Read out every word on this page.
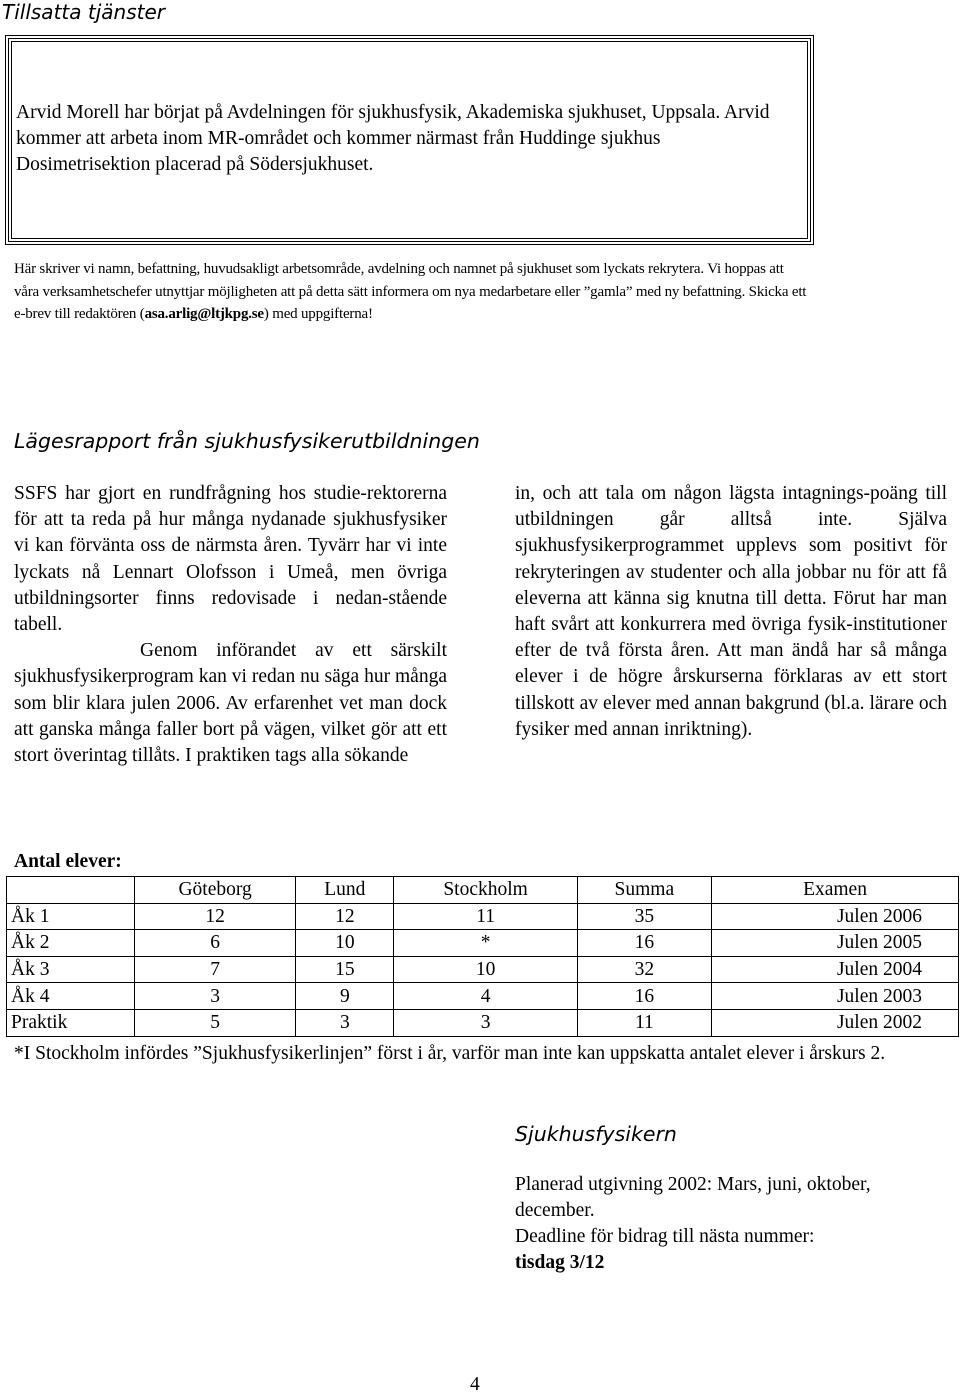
Tillsatta tjänster
Arvid Morell har börjat på Avdelningen för sjukhusfysik, Akademiska sjukhuset, Uppsala. Arvid kommer att arbeta inom MR-området och kommer närmast från Huddinge sjukhus Dosimetrisektion placerad på Södersjukhuset.
Här skriver vi namn, befattning, huvudsakligt arbetsområde, avdelning och namnet på sjukhuset som lyckats rekrytera. Vi hoppas att våra verksamhetschefer utnyttjar möjligheten att på detta sätt informera om nya medarbetare eller ”gamla” med ny befattning. Skicka ett e-brev till redaktören (asa.arlig@ltjkpg.se) med uppgifterna!
Lägesrapport från sjukhusfysikerutbildningen
SSFS har gjort en rundfrågning hos studie-rektorerna för att ta reda på hur många nydanade sjukhusfysiker vi kan förvänta oss de närmsta åren. Tyvärr har vi inte lyckats nå Lennart Olofsson i Umeå, men övriga utbildningsorter finns redovisade i nedan-stående tabell.
Genom införandet av ett särskilt sjukhusfysikerprogram kan vi redan nu säga hur många som blir klara julen 2006. Av erfarenhet vet man dock att ganska många faller bort på vägen, vilket gör att ett stort överintag tillåts. I praktiken tags alla sökande
in, och att tala om någon lägsta intagnings-poäng till utbildningen går alltså inte. Själva sjukhusfysikerprogrammet upplevs som positivt för rekryteringen av studenter och alla jobbar nu för att få eleverna att känna sig knutna till detta. Förut har man haft svårt att konkurrera med övriga fysik-institutioner efter de två första åren. Att man ändå har så många elever i de högre årskurserna förklaras av ett stort tillskott av elever med annan bakgrund (bl.a. lärare och fysiker med annan inriktning).
Antal elever:
	Göteborg	Lund	Stockholm	Summa	Examen
Åk 1	12	12	11	35	Julen 2006
Åk 2	6	10	*	16	Julen 2005
Åk 3	7	15	10	32	Julen 2004
Åk 4	3	9	4	16	Julen 2003
Praktik	5	3	3	11	Julen 2002
*I Stockholm infördes ”Sjukhusfysikerlinjen” först i år, varför man inte kan uppskatta antalet elever i årskurs 2.
Sjukhusfysikern
Planerad utgivning 2002: Mars, juni, oktober, december.
Deadline för bidrag till nästa nummer:
tisdag 3/12
4
